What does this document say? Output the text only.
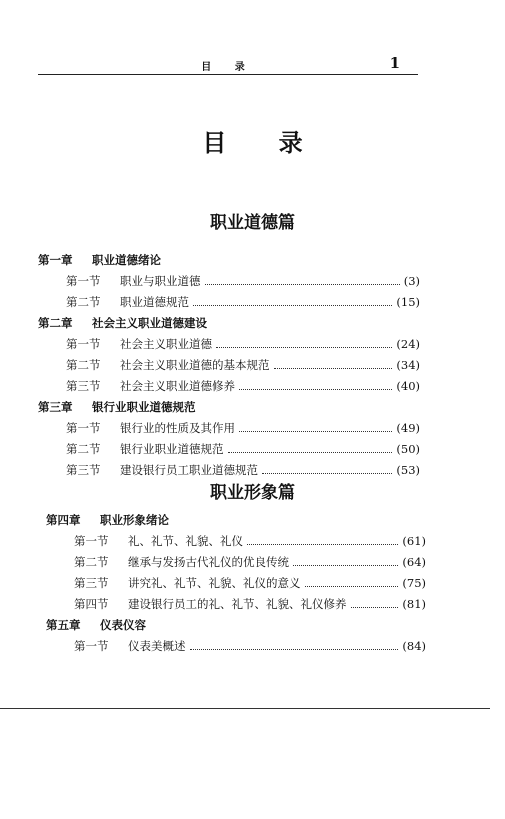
目 录	1
目 录
职业道德篇
第一章 职业道德绪论
第一节	职业与职业道德	(3)
第二节	职业道德规范	(15)
第二章 社会主义职业道德建设
第一节	社会主义职业道德	(24)
第二节	社会主义职业道德的基本规范	(34)
第三节	社会主义职业道德修养	(40)
第三章 银行业职业道德规范
第一节	银行业的性质及其作用	(49)
第二节	银行业职业道德规范	(50)
第三节	建设银行员工职业道德规范	(53)
职业形象篇
第四章 职业形象绪论
第一节	礼、礼节、礼貌、礼仪	(61)
第二节	继承与发扬古代礼仪的优良传统	(64)
第三节	讲究礼、礼节、礼貌、礼仪的意义	(75)
第四节	建设银行员工的礼、礼节、礼貌、礼仪修养	(81)
第五章 仪表仪容
第一节	仪表美概述	(84)
